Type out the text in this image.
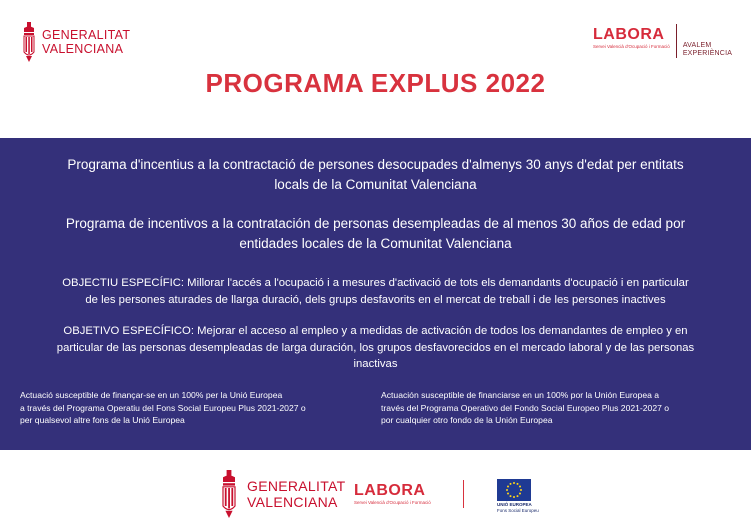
GENERALITAT
VALENCIANA
LABORA
Servei Valencià d'Ocupació i Formació AVALEM
EXPERIÈNCIA
PROGRAMA EXPLUS 2022

Programa d'incentius a la contractació de persones desocupades d'almenys 30 anys d'edat per entitats
locals de la Comunitat Valenciana

Programa de incentivos a la contratación de personas desempleadas de al menos 30 años de edad por
entidades locales de la Comunitat Valenciana

OBJECTIU ESPECÍFIC: Millorar l'accés a l'ocupació i a mesures d'activació de tots els demandants d'ocupació i en particular
de les persones aturades de llarga duració, dels grups desfavorits en el mercat de treball i de les persones inactives

OBJETIVO ESPECÍFICO: Mejorar el acceso al empleo y a medidas de activación de todos los demandantes de empleo y en
particular de las personas desempleadas de larga duración, los grupos desfavorecidos en el mercado laboral y de las personas
inactivas

Actuació susceptible de finançar-se en un 100% per la Unió Europea
a través del Programa Operatiu del Fons Social Europeu Plus 2021-2027 o
per qualsevol altre fons de la Unió Europea

Actuación susceptible de financiarse en un 100% por la Unión Europea a
través del Programa Operativo del Fondo Social Europeo Plus 2021-2027 o
por cualquier otro fondo de la Unión Europea

GENERALITAT
VALENCIANA
LABORA
Servei Valencià d'Ocupació i Formació	UNIÓ EUROPEA
Fons Social Europeu
